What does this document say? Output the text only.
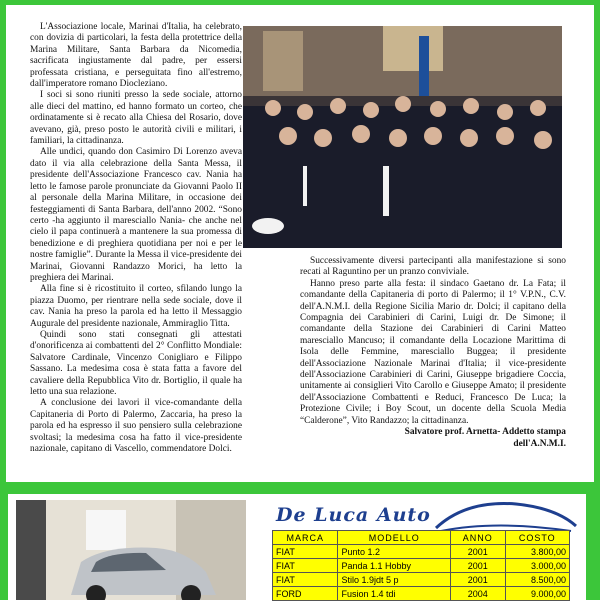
L'Associazione locale, Marinai d'Italia, ha celebrato, con dovizia di particolari, la festa della protettrice della Marina Militare, Santa Barbara da Nicomedia, sacrificata ingiustamente dal padre, per essersi professata cristiana, e perseguitata fino all'estremo, dall'imperatore romano Diocleziano.

I soci si sono riuniti presso la sede sociale, attorno alle dieci del mattino, ed hanno formato un corteo, che ordinatamente si è recato alla Chiesa del Rosario, dove avevano, già, preso posto le autorità civili e militari, i familiari, la cittadinanza.

Alle undici, quando don Casimiro Di Lorenzo aveva dato il via alla celebrazione della Santa Messa, il presidente dell'Associazione Francesco cav. Nania ha letto le famose parole pronunciate da Giovanni Paolo II al personale della Marina Militare, in occasione dei festeggiamenti di Santa Barbara, dell'anno 2002. “Sono certo -ha aggiunto il maresciallo Nania- che anche nel cielo il papa continuerà a mantenere la sua promessa di benedizione e di preghiera quotidiana per noi e per le nostre famiglie”. Durante la Messa il vice-presidente dei Marinai, Giovanni Randazzo Morici, ha letto la preghiera dei Marinai.

Alla fine si è ricostituito il corteo, sfilando lungo la piazza Duomo, per rientrare nella sede sociale, dove il cav. Nania ha preso la parola ed ha letto il Messaggio Augurale del presidente nazionale, Ammiraglio Titta.

Quindi sono stati consegnati gli attestati d'onorificenza ai combattenti del 2° Conflitto Mondiale: Salvatore Cardinale, Vincenzo Conigliaro e Filippo Sassano. La medesima cosa è stata fatta a favore del cavaliere della Repubblica Vito dr. Bortiglio, il quale ha letto una sua relazione.

A conclusione dei lavori il vice-comandante della Capitaneria di Porto di Palermo, Zaccaria, ha preso la parola ed ha espresso il suo pensiero sulla celebrazione svoltasi; la medesima cosa ha fatto il vice-presidente nazionale, capitano di Vascello, commendatore Dolci.

Successivamente diversi partecipanti alla manifestazione si sono recati al Raguntino per un pranzo conviviale.

Hanno preso parte alla festa: il sindaco Gaetano dr. La Fata; il comandante della Capitaneria di porto di Palermo; il 1° V.P.N., C.V. dell'A.N.M.I. della Regione Sicilia Mario dr. Dolci; il capitano della Compagnia dei Carabinieri di Carini, Luigi dr. De Simone; il comandante della Stazione dei Carabinieri di Carini Matteo maresciallo Mancuso; il comandante della Locazione Marittima di Isola delle Femmine, maresciallo Buggea; il presidente dell'Associazione Nazionale Marinai d'Italia; il vice-presidente dell'Associazione Carabinieri di Carini, Giuseppe brigadiere Coccia, unitamente ai consiglieri Vito Carollo e Giuseppe Amato; il presidente dell'Associazione Combattenti e Reduci, Francesco De Luca; la Protezione Civile; i Boy Scout, un docente della Scuola Media “Calderone”, Vito Randazzo; la cittadinanza.

Salvatore prof. Arnetta- Addetto stampa

dell'A.N.M.I.

De Luca Auto
MARCA	MODELLO	ANNO	COSTO
FIAT	Punto 1.2	2001	3.800,00
FIAT	Panda 1.1 Hobby	2001	3.000,00
FIAT	Stilo 1.9jdt 5 p	2001	8.500,00
FORD	Fusion 1.4 tdi	2004	9.000,00
